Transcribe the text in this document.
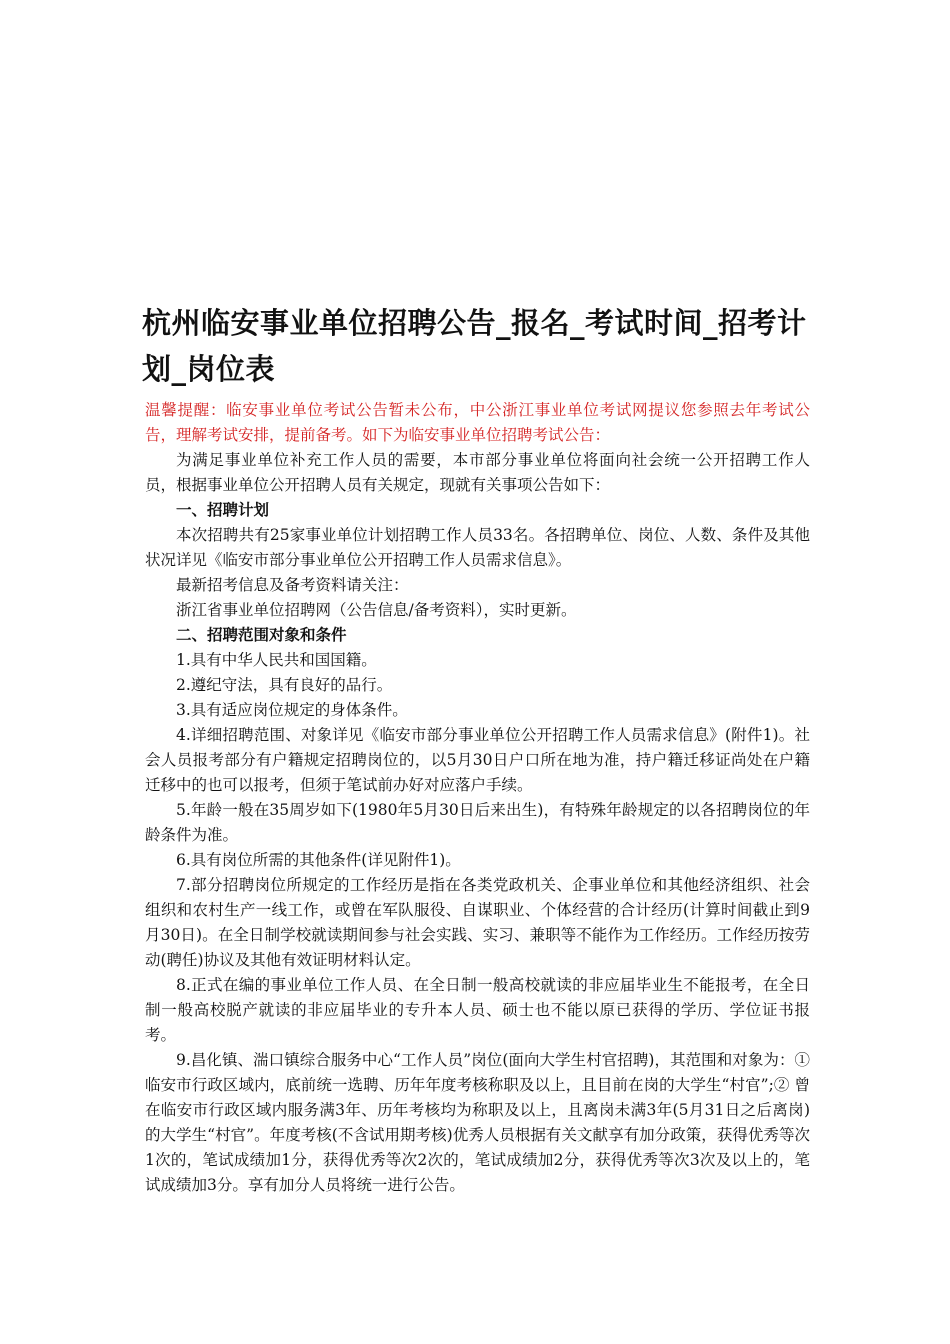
杭州临安事业单位招聘公告_报名_考试时间_招考计划_岗位表

温馨提醒：临安事业单位考试公告暂未公布，中公浙江事业单位考试网提议您参照去年考试公告，理解考试安排，提前备考。如下为临安事业单位招聘考试公告：

为满足事业单位补充工作人员的需要，本市部分事业单位将面向社会统一公开招聘工作人员，根据事业单位公开招聘人员有关规定，现就有关事项公告如下：

一、招聘计划

本次招聘共有25家事业单位计划招聘工作人员33名。各招聘单位、岗位、人数、条件及其他状况详见《临安市部分事业单位公开招聘工作人员需求信息》。

最新招考信息及备考资料请关注：

浙江省事业单位招聘网（公告信息/备考资料），实时更新。

二、招聘范围对象和条件

1.具有中华人民共和国国籍。

2.遵纪守法，具有良好的品行。

3.具有适应岗位规定的身体条件。

4.详细招聘范围、对象详见《临安市部分事业单位公开招聘工作人员需求信息》(附件1)。社会人员报考部分有户籍规定招聘岗位的，以5月30日户口所在地为准，持户籍迁移证尚处在户籍迁移中的也可以报考，但须于笔试前办好对应落户手续。

5.年龄一般在35周岁如下(1980年5月30日后来出生)，有特殊年龄规定的以各招聘岗位的年龄条件为准。

6.具有岗位所需的其他条件(详见附件1)。

7.部分招聘岗位所规定的工作经历是指在各类党政机关、企事业单位和其他经济组织、社会组织和农村生产一线工作，或曾在军队服役、自谋职业、个体经营的合计经历(计算时间截止到9月30日)。在全日制学校就读期间参与社会实践、实习、兼职等不能作为工作经历。工作经历按劳动(聘任)协议及其他有效证明材料认定。

8.正式在编的事业单位工作人员、在全日制一般高校就读的非应届毕业生不能报考，在全日制一般高校脱产就读的非应届毕业的专升本人员、硕士也不能以原已获得的学历、学位证书报考。

9.昌化镇、湍口镇综合服务中心“工作人员”岗位(面向大学生村官招聘)，其范围和对象为：①临安市行政区域内，底前统一选聘、历年年度考核称职及以上，且目前在岗的大学生“村官”;② 曾在临安市行政区域内服务满3年、历年考核均为称职及以上，且离岗未满3年(5月31日之后离岗)的大学生“村官”。年度考核(不含试用期考核)优秀人员根据有关文献享有加分政策，获得优秀等次1次的，笔试成绩加1分，获得优秀等次2次的，笔试成绩加2分，获得优秀等次3次及以上的，笔试成绩加3分。享有加分人员将统一进行公告。
